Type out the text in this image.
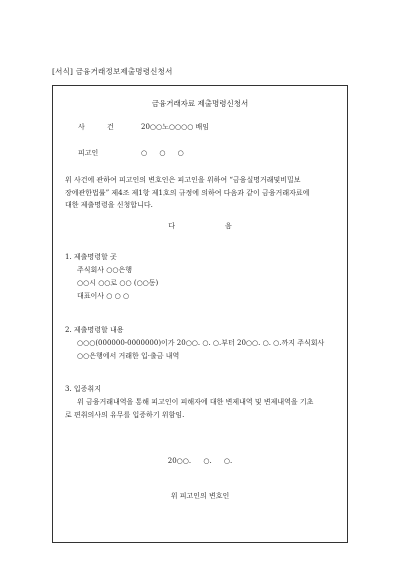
[서식] 금융거래정보제출명령신청서
금융거래자료 제출명령신청서
사 건	20○○노○○○○ 배임
피고인	○ ○ ○
위 사건에 관하여 피고인의 변호인은 피고인을 위하여 “금융실명거래및비밀보
장에관한법률” 제4조 제1항 제1호의 규정에 의하여 다음과 같이 금융거래자료에
대한 제출명령을 신청합니다.
다	음
1. 제출명령할 곳
주식회사 ○○은행
○○시 ○○로 ○○ (○○동)
대표이사 ○ ○ ○
2. 제출명령할 내용
○○○(000000-0000000)이가 20○○. ○. ○.부터 20○○. ○. ○.까지 주식회사
○○은행에서 거래한 입·출금 내역
3. 입증취지
위 금융거래내역을 통해 피고인이 피해자에 대한 변제내역 및 변제내역을 기초
로 편취의사의 유무를 입증하기 위함임.
20○○. ○. ○.
위 피고인의 변호인
